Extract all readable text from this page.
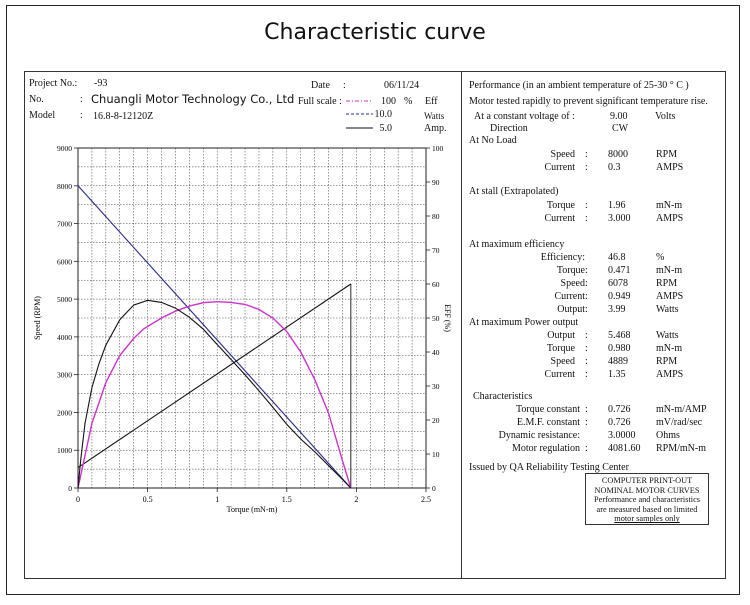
Characteristic curve
Project No.: -93
No.	: Chuangli Motor Technology Co., Ltd
Model : 16.8-8-12120Z
Date :	06/11/24
Full scale :	100 % Eff
10.0	Watts
5.0	Amp.
0	0.5	1	1.5	2	2.5
0
1000
2000
3000
4000
5000
6000
7000
8000
9000
0
10
20
30
40
50
60
70
80
90
100
Torque (mN-m)
Speed (RPM)	EFF (%)
Performance (in an ambient temperature of 25-30 ° C )
Motor tested rapidly to prevent significant temperature rise.
At a constant voltage of :	9.00	Volts
Direction	CW
At No Load
Speed : 8000	RPM
Current : 0.3	AMPS
At stall (Extrapolated)
Torque : 1.96	mN-m
Current : 3.000	AMPS
At maximum efficiency
Efficiency: 46.8	%
Torque : 0.471	mN-m
Speed : 6078	RPM
Current : 0.949	AMPS
Output : 3.99	Watts
At maximum Power output
Output : 5.468	Watts
Torque : 0.980	mN-m
Speed : 4889	RPM
Current : 1.35	AMPS
Characteristics
Torque constant : 0.726	mN-m/AMP
E.M.F. constant : 0.726	mV/rad/sec
Dynamic resistance:	3.0000 Ohms
Motor regulation : 4081.60 RPM/mN-m
Issued by QA Reliability Testing Center
COMPUTER PRINT-OUT
NOMINAL MOTOR CURVES
Performance and characteristics
are measured based on limited
motor samples only
